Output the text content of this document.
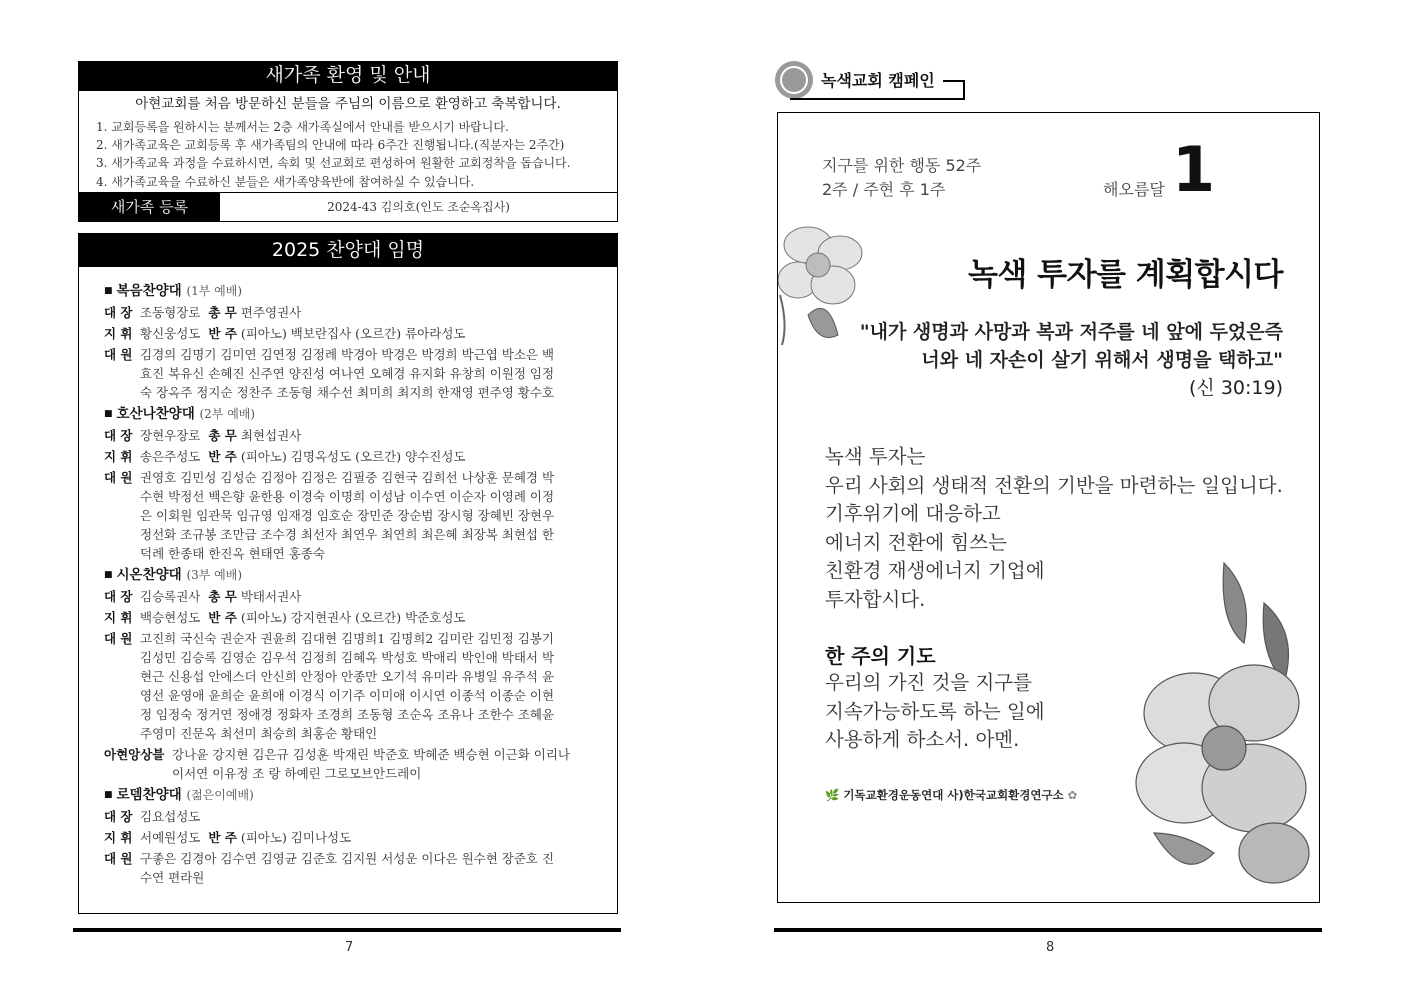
새가족 환영 및 안내
아현교회를 처음 방문하신 분들을 주님의 이름으로 환영하고 축복합니다.
1. 교회등록을 원하시는 분께서는 2층 새가족실에서 안내를 받으시기 바랍니다.
2. 새가족교육은 교회등록 후 새가족팀의 안내에 따라 6주간 진행됩니다.(직분자는 2주간)
3. 새가족교육 과정을 수료하시면, 속회 및 선교회로 편성하여 원활한 교회정착을 돕습니다.
4. 새가족교육을 수료하신 분들은 새가족양육반에 참여하실 수 있습니다.
새가족 등록	2024-43 김의호(인도 조순옥집사)
2025 찬양대 임명
■ 복음찬양대 (1부 예배)
대 장 조동형장로 총 무 편주영권사
지 휘 황신웅성도 반 주 (피아노) 백보란집사 (오르간) 류아라성도
대 원 김경의 김명기 김미연 김연정 김정례 박경아 박경은 박경희 박근엽 박소은 백효진 복유신 손혜진 신주연 양진성 여나연 오혜경 유지화 유창희 이원정 임정숙 장옥주 정지순 정찬주 조동형 채수선 최미희 최지희 한재영 편주영 황수호
■ 호산나찬양대 (2부 예배)
대 장 장현우장로 총 무 최현섭권사
지 휘 송은주성도 반 주 (피아노) 김명옥성도 (오르간) 양수진성도
대 원 권영호 김민성 김성순 김정아 김정은 김필중 김현국 김희선 나상훈 문혜경 박수현 박정선 백은향 윤한용 이경숙 이명희 이성남 이수연 이순자 이영례 이정은 이회원 임관묵 임규영 임재경 임호순 장민준 장순범 장시형 장혜빈 장현우 정선화 조규봉 조만금 조수경 최선자 최연우 최연희 최은혜 최장복 최현섭 한덕례 한종태 한진옥 현태연 홍종숙
■ 시온찬양대 (3부 예배)
대 장 김승록권사 총 무 박태서권사
지 휘 백승현성도 반 주 (피아노) 강지현권사 (오르간) 박준호성도
대 원 고진희 국신숙 권순자 권윤희 김대현 김명희1 김명희2 김미란 김민정 김봉기 김성민 김승록 김영순 김우석 김정희 김혜옥 박성호 박애리 박인애 박태서 박현근 신용섭 안에스더 안신희 안정아 안종만 오기석 유미라 유병일 유주석 윤영선 윤영애 윤희순 윤희애 이경식 이기주 이미애 이시연 이종석 이종순 이현정 임정숙 정거연 정애경 정화자 조경희 조동형 조순옥 조유나 조한수 조혜윤 주영미 진문옥 최선미 최승희 최홍순 황태인
아현앙상블 강나윤 강지현 김은규 김성훈 박재린 박준호 박혜준 백승현 이근화 이리나 이서연 이유정 조 랑 하예린 그로모브안드레이
■ 로뎀찬양대 (젊은이예배)
대 장 김요섭성도
지 휘 서예원성도 반 주 (피아노) 김미나성도
대 원 구좋은 김경아 김수연 김영균 김준호 김지원 서성운 이다은 원수현 장준호 진수연 편라원
7
녹색교회 캠페인
지구를 위한 행동 52주
2주 / 주현 후 1주	해오름달 1
녹색 투자를 계획합시다
"내가 생명과 사망과 복과 저주를 네 앞에 두었은즉
너와 네 자손이 살기 위해서 생명을 택하고"
(신 30:19)
녹색 투자는
우리 사회의 생태적 전환의 기반을 마련하는 일입니다.
기후위기에 대응하고
에너지 전환에 힘쓰는
친환경 재생에너지 기업에
투자합시다.
한 주의 기도
우리의 가진 것을 지구를
지속가능하도록 하는 일에
사용하게 하소서. 아멘.
🌿 기독교환경운동연대 사)한국교회환경연구소 ✿
8
